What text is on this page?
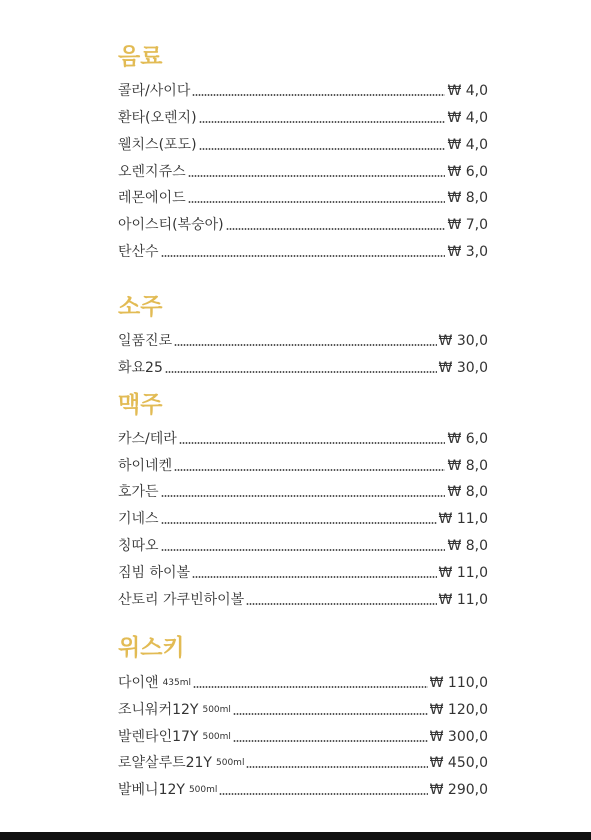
음료
콜라/사이다	₩ 4,0
환타(오렌지)	₩ 4,0
웰치스(포도)	₩ 4,0
오렌지쥬스	₩ 6,0
레몬에이드	₩ 8,0
아이스티(복숭아)	₩ 7,0
탄산수	₩ 3,0
소주
일품진로	₩ 30,0
화요25	₩ 30,0
맥주
카스/테라	₩ 6,0
하이네켄	₩ 8,0
호가든	₩ 8,0
기네스	₩ 11,0
칭따오	₩ 8,0
짐빔 하이볼	₩ 11,0
산토리 가쿠빈하이볼	₩ 11,0
위스키
다이앤 435ml	₩ 110,0
조니워커12Y 500ml	₩ 120,0
발렌타인17Y 500ml	₩ 300,0
로얄살루트21Y 500ml	₩ 450,0
발베니12Y 500ml	₩ 290,0
